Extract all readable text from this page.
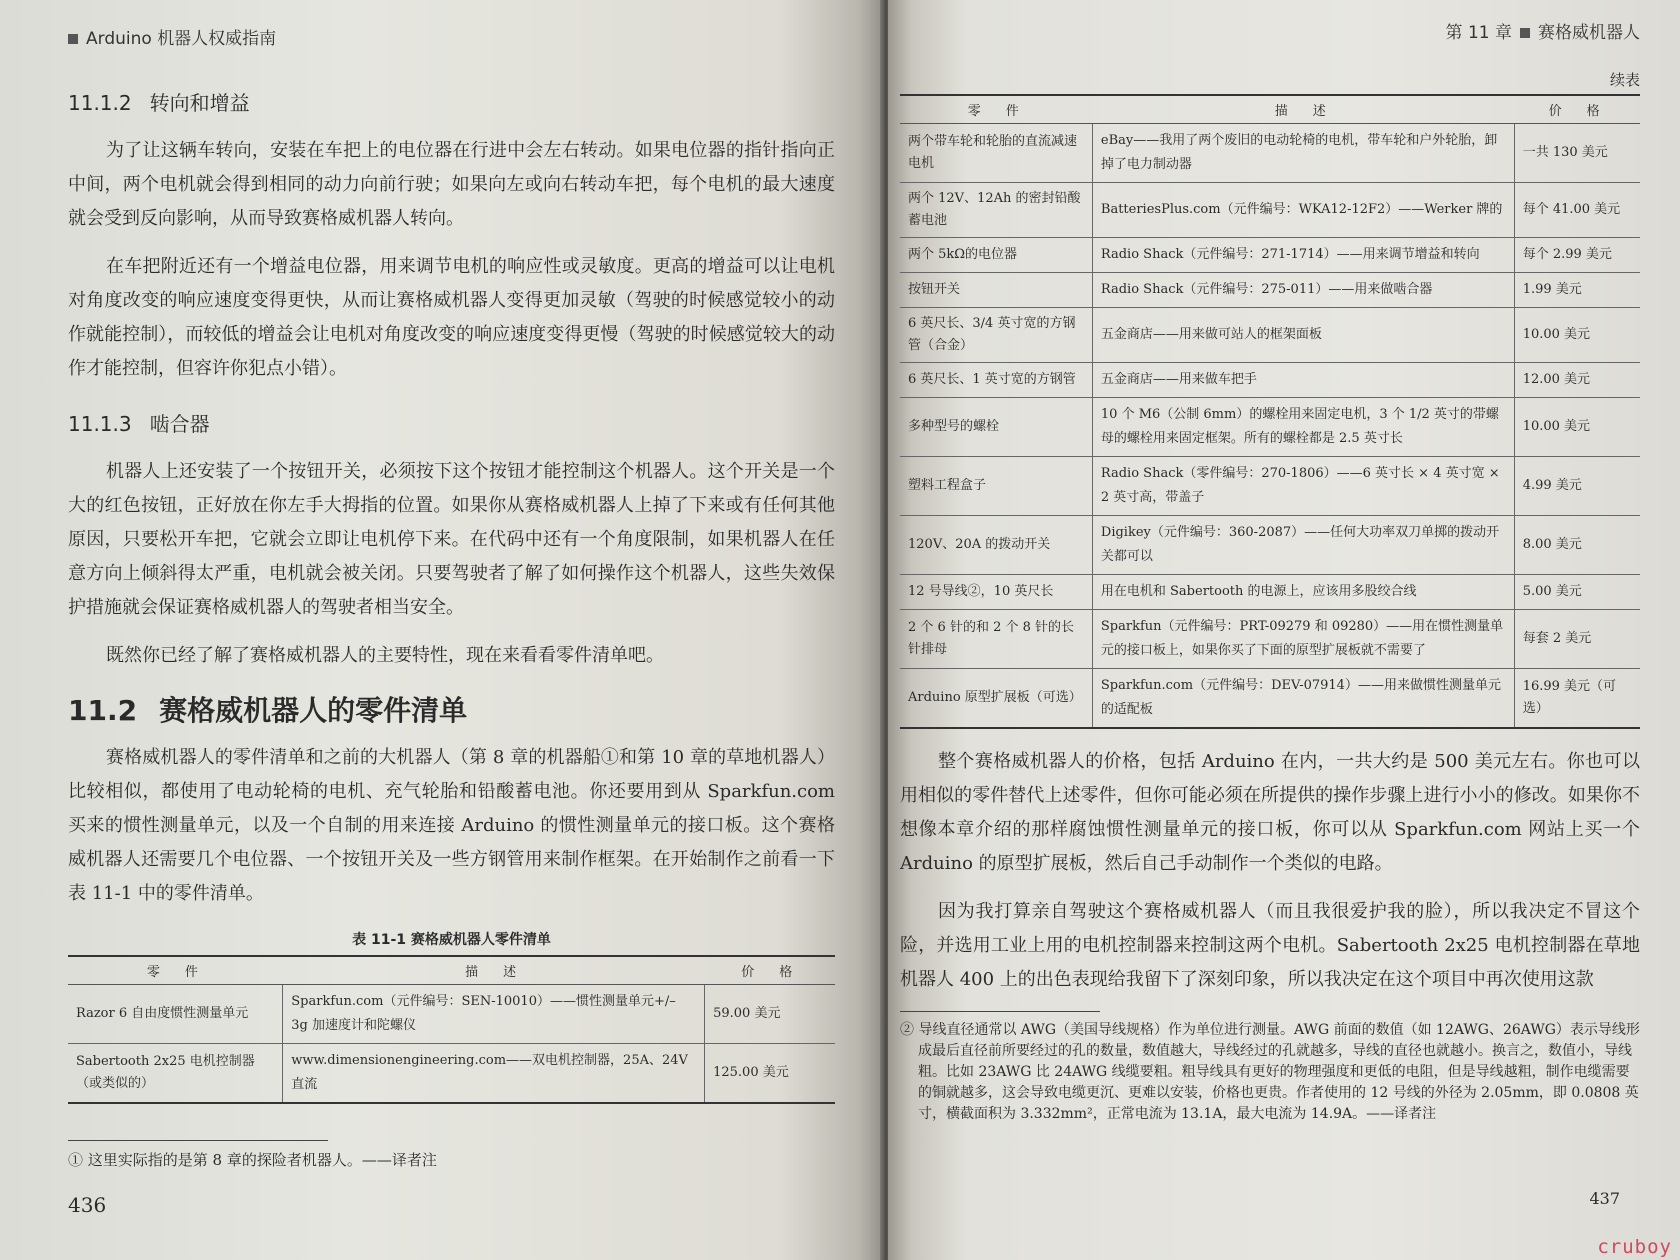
Arduino 机器人权威指南
11.1.2 转向和增益

为了让这辆车转向，安装在车把上的电位器在行进中会左右转动。如果电位器的指针指向正中间，两个电机就会得到相同的动力向前行驶；如果向左或向右转动车把，每个电机的最大速度就会受到反向影响，从而导致赛格威机器人转向。

在车把附近还有一个增益电位器，用来调节电机的响应性或灵敏度。更高的增益可以让电机对角度改变的响应速度变得更快，从而让赛格威机器人变得更加灵敏（驾驶的时候感觉较小的动作就能控制），而较低的增益会让电机对角度改变的响应速度变得更慢（驾驶的时候感觉较大的动作才能控制，但容许你犯点小错）。

11.1.3 啮合器

机器人上还安装了一个按钮开关，必须按下这个按钮才能控制这个机器人。这个开关是一个大的红色按钮，正好放在你左手大拇指的位置。如果你从赛格威机器人上掉了下来或有任何其他原因，只要松开车把，它就会立即让电机停下来。在代码中还有一个角度限制，如果机器人在任意方向上倾斜得太严重，电机就会被关闭。只要驾驶者了解了如何操作这个机器人，这些失效保护措施就会保证赛格威机器人的驾驶者相当安全。

既然你已经了解了赛格威机器人的主要特性，现在来看看零件清单吧。

11.2 赛格威机器人的零件清单

赛格威机器人的零件清单和之前的大机器人（第 8 章的机器船①和第 10 章的草地机器人）比较相似，都使用了电动轮椅的电机、充气轮胎和铅酸蓄电池。你还要用到从 Sparkfun.com 买来的惯性测量单元，以及一个自制的用来连接 Arduino 的惯性测量单元的接口板。这个赛格威机器人还需要几个电位器、一个按钮开关及一些方钢管用来制作框架。在开始制作之前看一下表 11-1 中的零件清单。

表 11-1 赛格威机器人零件清单
零　件	描　述	价　格
Razor 6 自由度惯性测量单元	Sparkfun.com（元件编号：SEN-10010）——惯性测量单元+/– 3g 加速度计和陀螺仪	59.00 美元
Sabertooth 2x25 电机控制器（或类似的）	www.dimensionengineering.com——双电机控制器，25A、24V 直流	125.00 美元

① 这里实际指的是第 8 章的探险者机器人。——译者注

436
第 11 章 赛格威机器人
续表
零　件	描　述	价　格
两个带车轮和轮胎的直流减速电机	eBay——我用了两个废旧的电动轮椅的电机，带车轮和户外轮胎，卸掉了电力制动器	一共 130 美元
两个 12V、12Ah 的密封铅酸蓄电池	BatteriesPlus.com（元件编号：WKA12-12F2）——Werker 牌的	每个 41.00 美元
两个 5kΩ的电位器	Radio Shack（元件编号：271-1714）——用来调节增益和转向	每个 2.99 美元
按钮开关	Radio Shack（元件编号：275-011）——用来做啮合器	1.99 美元
6 英尺长、3/4 英寸宽的方钢管（合金）	五金商店——用来做可站人的框架面板	10.00 美元
6 英尺长、1 英寸宽的方钢管	五金商店——用来做车把手	12.00 美元
多种型号的螺栓	10 个 M6（公制 6mm）的螺栓用来固定电机，3 个 1/2 英寸的带螺母的螺栓用来固定框架。所有的螺栓都是 2.5 英寸长	10.00 美元
塑料工程盒子	Radio Shack（零件编号：270-1806）——6 英寸长 × 4 英寸宽 × 2 英寸高，带盖子	4.99 美元
120V、20A 的拨动开关	Digikey（元件编号：360-2087）——任何大功率双刀单掷的拨动开关都可以	8.00 美元
12 号导线②，10 英尺长	用在电机和 Sabertooth 的电源上，应该用多股绞合线	5.00 美元
2 个 6 针的和 2 个 8 针的长针排母	Sparkfun（元件编号：PRT-09279 和 09280）——用在惯性测量单元的接口板上，如果你买了下面的原型扩展板就不需要了	每套 2 美元
Arduino 原型扩展板（可选）	Sparkfun.com（元件编号：DEV-07914）——用来做惯性测量单元的适配板	16.99 美元（可选）

整个赛格威机器人的价格，包括 Arduino 在内，一共大约是 500 美元左右。你也可以用相似的零件替代上述零件，但你可能必须在所提供的操作步骤上进行小小的修改。如果你不想像本章介绍的那样腐蚀惯性测量单元的接口板，你可以从 Sparkfun.com 网站上买一个 Arduino 的原型扩展板，然后自己手动制作一个类似的电路。

因为我打算亲自驾驶这个赛格威机器人（而且我很爱护我的脸），所以我决定不冒这个险，并选用工业上用的电机控制器来控制这两个电机。Sabertooth 2x25 电机控制器在草地机器人 400 上的出色表现给我留下了深刻印象，所以我决定在这个项目中再次使用这款

② 导线直径通常以 AWG（美国导线规格）作为单位进行测量。AWG 前面的数值（如 12AWG、26AWG）表示导线形成最后直径前所要经过的孔的数量，数值越大，导线经过的孔就越多，导线的直径也就越小。换言之，数值小，导线粗。比如 23AWG 比 24AWG 线缆要粗。粗导线具有更好的物理强度和更低的电阻，但是导线越粗，制作电缆需要的铜就越多，这会导致电缆更沉、更难以安装，价格也更贵。作者使用的 12 号线的外径为 2.05mm，即 0.0808 英寸，横截面积为 3.332mm²，正常电流为 13.1A，最大电流为 14.9A。——译者注

437
cruboy
